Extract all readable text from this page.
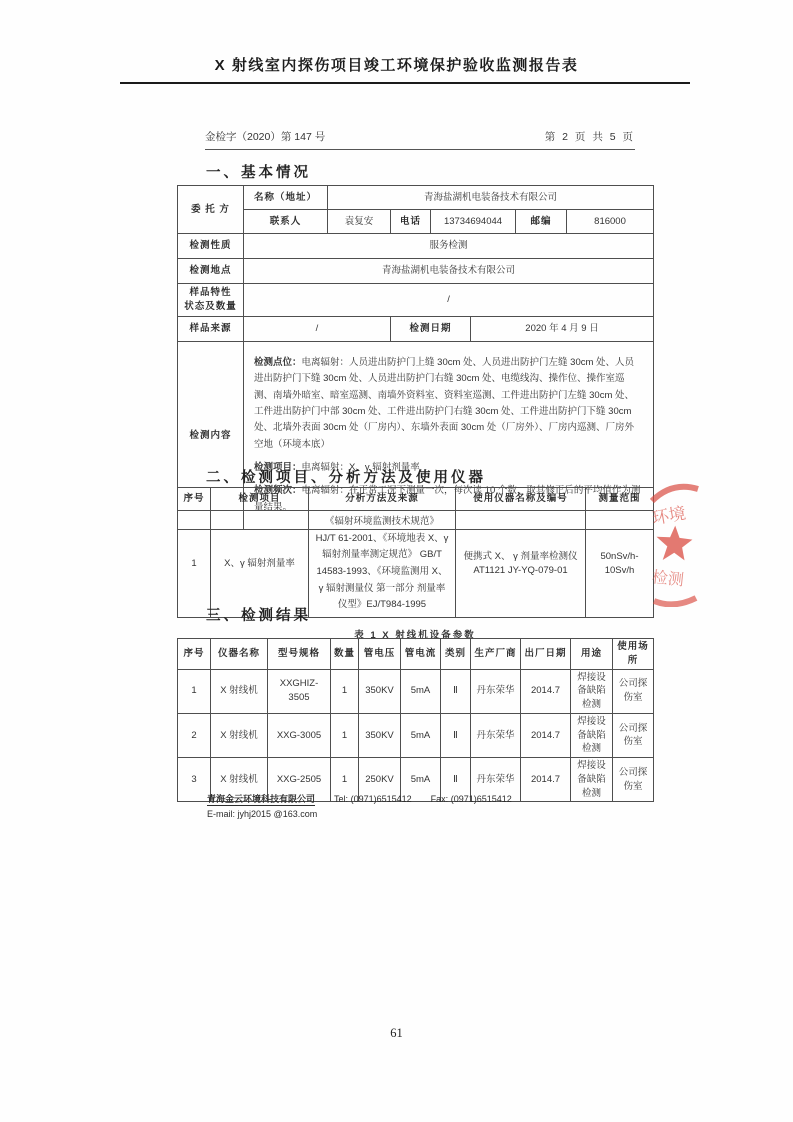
X 射线室内探伤项目竣工环境保护验收监测报告表
金检字（2020）第 147 号	第 2 页 共 5 页
一、基本情况
委 托 方	名称（地址）	青海盐湖机电装备技术有限公司					
	联系人	袁复安	电话	13734694044		邮编	816000
检测性质	服务检测						
检测地点	青海盐湖机电装备技术有限公司						

样品特性
状态及数量	/						
样品来源	/		检测日期		2020 年 4 月 9 日		
检测内容	检测点位：电离辐射：人员进出防护门上缝 30cm 处、人员进出防护门左缝 30cm 处、人员进出防护门下缝 30cm 处、人员进出防护门右缝 30cm 处、电缆线沟、操作位、操作室巡测、南墙外暗室、暗室巡测、南墙外资料室、资料室巡测、工件进出防护门左缝 30cm 处、工件进出防护门中部 30cm 处、工件进出防护门右缝 30cm 处、工件进出防护门下缝 30cm 处、北墙外表面 30cm 处（厂房内）、东墙外表面 30cm 处（厂房外）、厂房内巡测、厂房外空地（环境本底）

检测项目：电离辐射：X、γ 辐射剂量率

检测频次：电离辐射：在正常工况下测量一次，每次读 10 个数，取其修正后的平均值作为测量结果。						

二、检测项目、分析方法及使用仪器
序号	检测项目	分析方法及来源	使用仪器名称及编号	测量范围
1	X、γ 辐射剂量率	《辐射环境监测技术规范》HJ/T 61-2001、《环境地表 X、γ 辐射剂量率测定规范》 GB/T 14583-1993、《环境监测用 X、γ 辐射测量仪 第一部分 剂量率仪型》EJ/T984-1995	便携式 X、 γ 剂量率检测仪 AT1121 JY-YQ-079-01	50nSv/h-10Sv/h
三、检测结果
表 1 X 射线机设备参数
序号	仪器名称	型号规格	数量	管电压	管电流	类别	生产厂商	出厂日期	用途	使用场所
1	X 射线机	XXGHIZ-3505	1	350KV	5mA	Ⅱ	丹东荣华	2014.7	焊接设备缺陷检测	公司探伤室
2	X 射线机	XXG-3005	1	350KV	5mA	Ⅱ	丹东荣华	2014.7	焊接设备缺陷检测	公司探伤室
3	X 射线机	XXG-2505	1	250KV	5mA	Ⅱ	丹东荣华	2014.7	焊接设备缺陷检测	公司探伤室
青海金云环境科技有限公司 Tel: (0971)6515412 Fax: (0971)6515412
E-mail: jyhj2015 @163.com
61
环境
检测
